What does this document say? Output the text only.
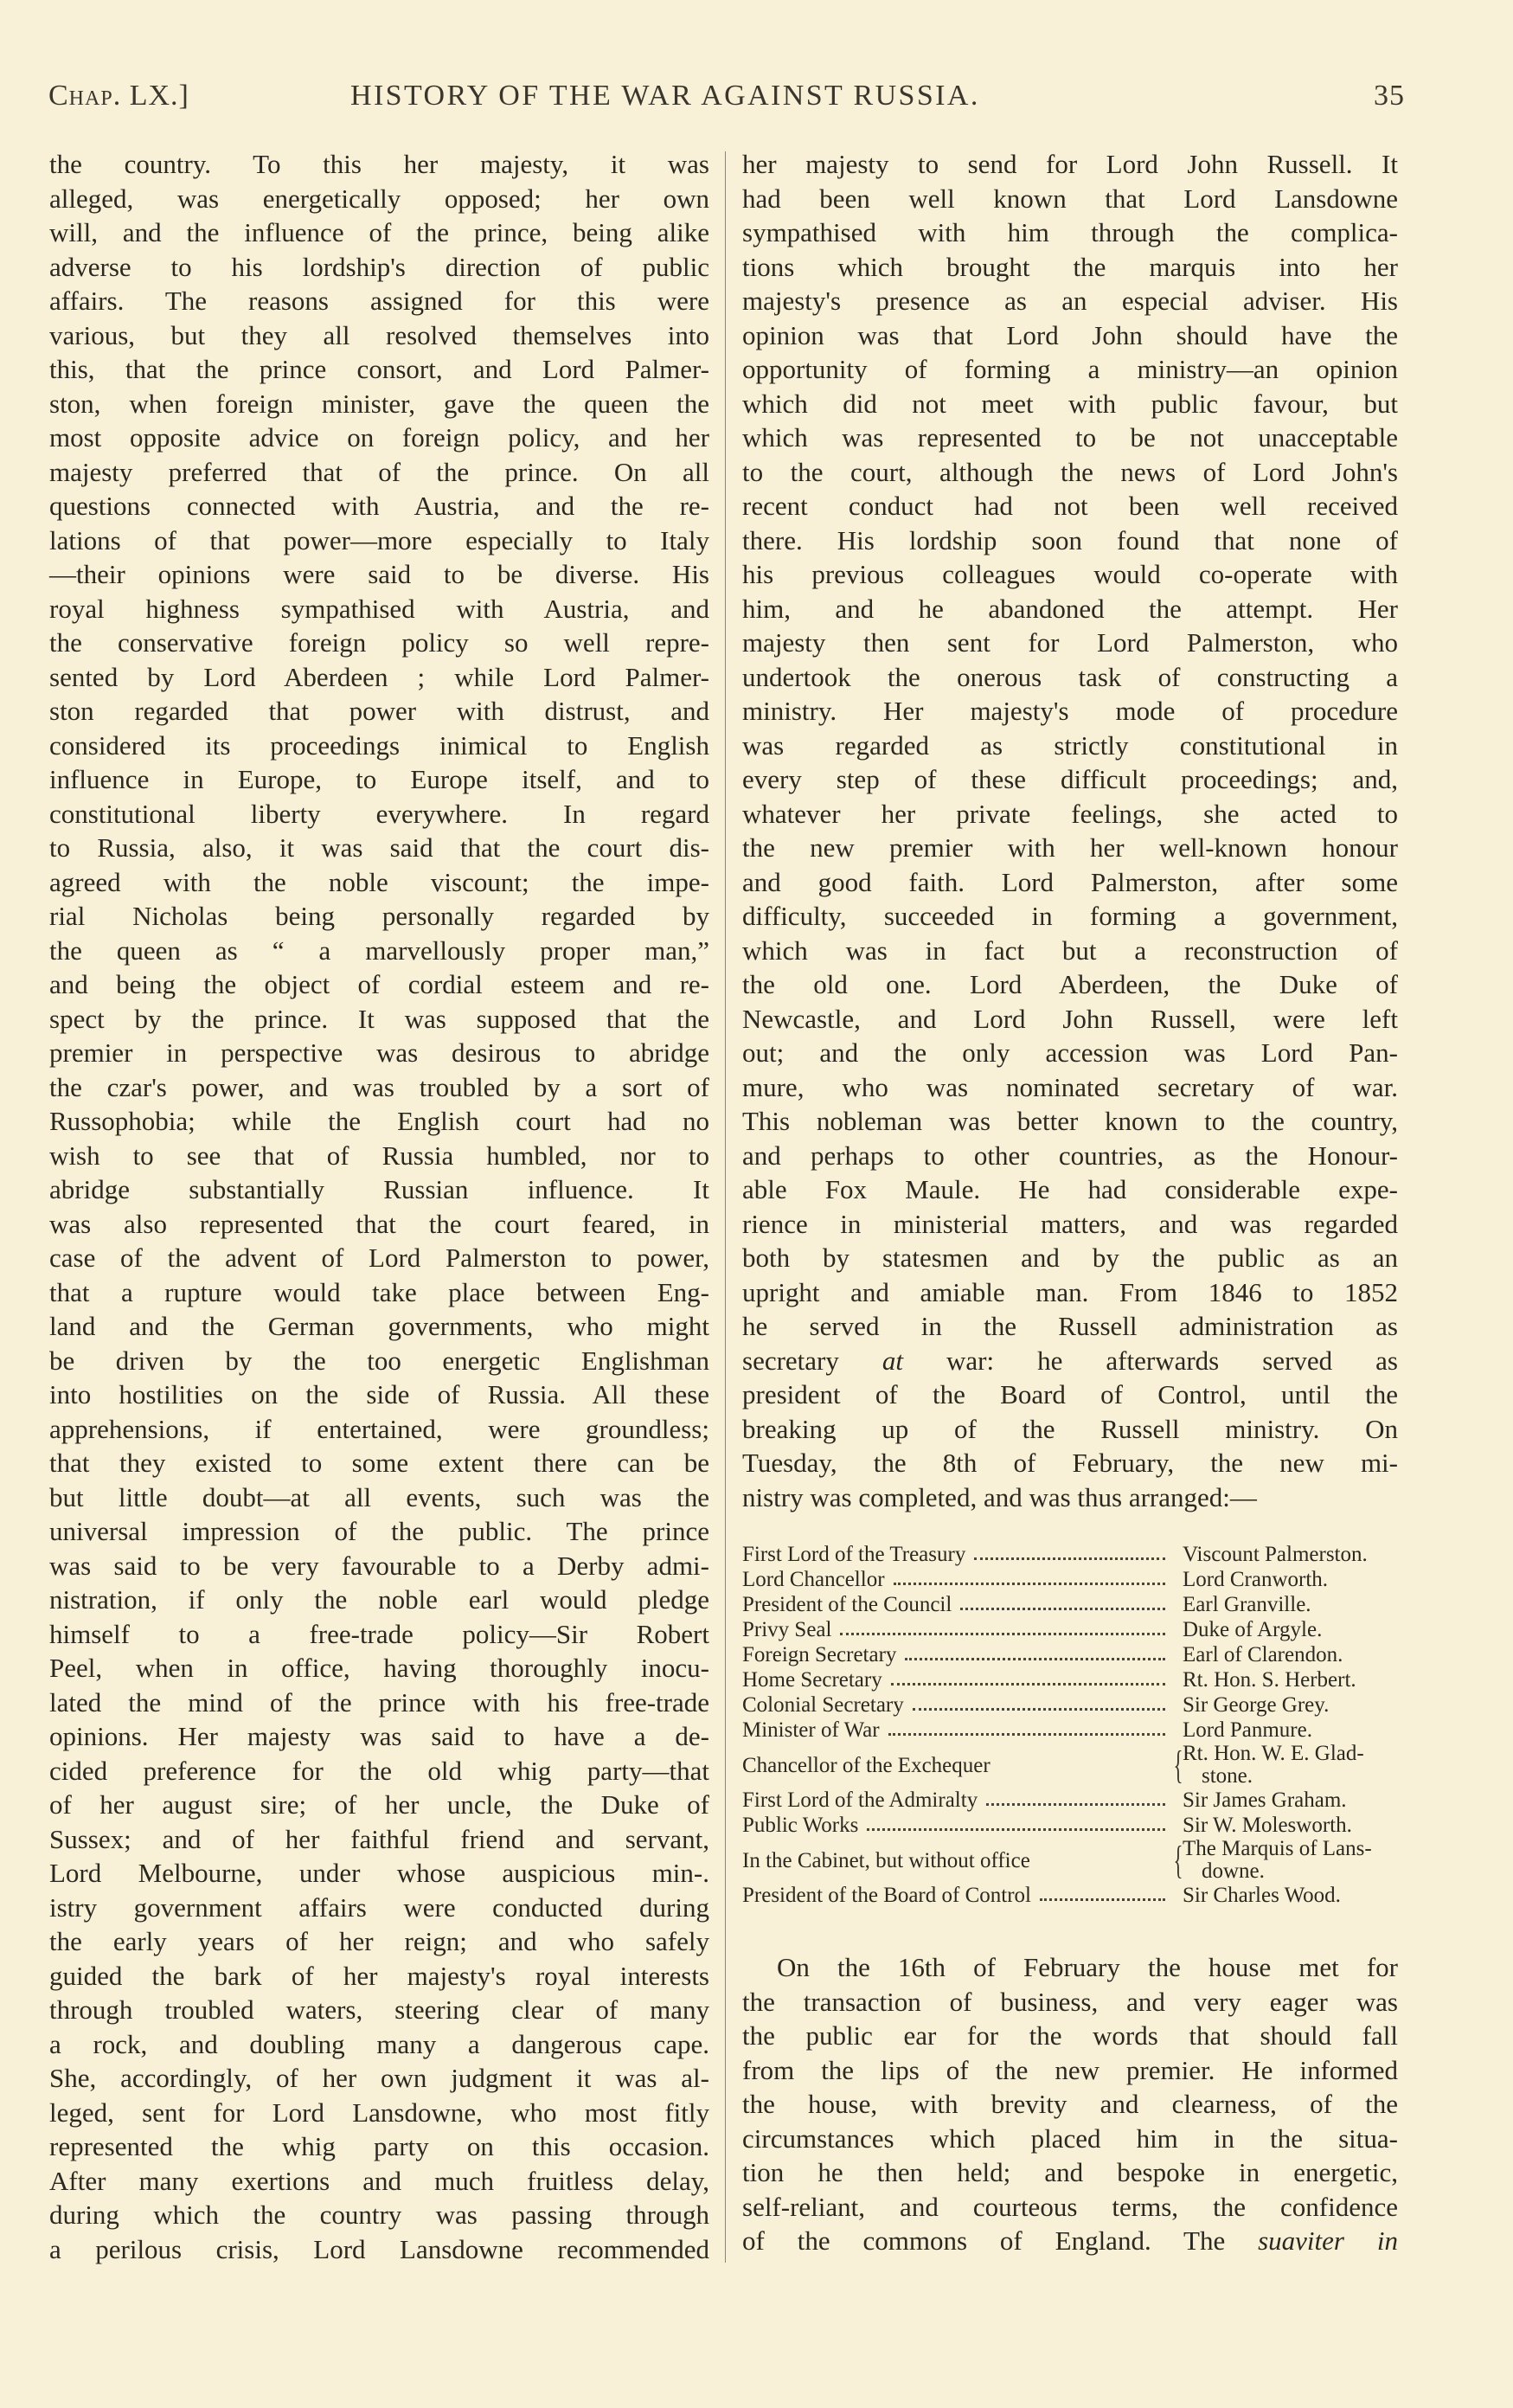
Chap. LX.]	HISTORY OF THE WAR AGAINST RUSSIA.	35
the country. To this her majesty, it was
alleged, was energetically opposed; her own
will, and the influence of the prince, being alike
adverse to his lordship's direction of public
affairs. The reasons assigned for this were
various, but they all resolved themselves into
this, that the prince consort, and Lord Palmer-
ston, when foreign minister, gave the queen the
most opposite advice on foreign policy, and her
majesty preferred that of the prince. On all
questions connected with Austria, and the re-
lations of that power—more especially to Italy
—their opinions were said to be diverse. His
royal highness sympathised with Austria, and
the conservative foreign policy so well repre-
sented by Lord Aberdeen ; while Lord Palmer-
ston regarded that power with distrust, and
considered its proceedings inimical to English
influence in Europe, to Europe itself, and to
constitutional liberty everywhere. In regard
to Russia, also, it was said that the court dis-
agreed with the noble viscount; the impe-
rial Nicholas being personally regarded by
the queen as “ a marvellously proper man,”
and being the object of cordial esteem and re-
spect by the prince. It was supposed that the
premier in perspective was desirous to abridge
the czar's power, and was troubled by a sort of
Russophobia; while the English court had no
wish to see that of Russia humbled, nor to
abridge substantially Russian influence. It
was also represented that the court feared, in
case of the advent of Lord Palmerston to power,
that a rupture would take place between Eng-
land and the German governments, who might
be driven by the too energetic Englishman
into hostilities on the side of Russia. All these
apprehensions, if entertained, were groundless;
that they existed to some extent there can be
but little doubt—at all events, such was the
universal impression of the public. The prince
was said to be very favourable to a Derby admi-
nistration, if only the noble earl would pledge
himself to a free-trade policy—Sir Robert
Peel, when in office, having thoroughly inocu-
lated the mind of the prince with his free-trade
opinions. Her majesty was said to have a de-
cided preference for the old whig party—that
of her august sire; of her uncle, the Duke of
Sussex; and of her faithful friend and servant,
Lord Melbourne, under whose auspicious min-.
istry government affairs were conducted during
the early years of her reign; and who safely
guided the bark of her majesty's royal interests
through troubled waters, steering clear of many
a rock, and doubling many a dangerous cape.
She, accordingly, of her own judgment it was al-
leged, sent for Lord Lansdowne, who most fitly
represented the whig party on this occasion.
After many exertions and much fruitless delay,
during which the country was passing through
a perilous crisis, Lord Lansdowne recommended
her majesty to send for Lord John Russell. It
had been well known that Lord Lansdowne
sympathised with him through the complica-
tions which brought the marquis into her
majesty's presence as an especial adviser. His
opinion was that Lord John should have the
opportunity of forming a ministry—an opinion
which did not meet with public favour, but
which was represented to be not unacceptable
to the court, although the news of Lord John's
recent conduct had not been well received
there. His lordship soon found that none of
his previous colleagues would co-operate with
him, and he abandoned the attempt. Her
majesty then sent for Lord Palmerston, who
undertook the onerous task of constructing a
ministry. Her majesty's mode of procedure
was regarded as strictly constitutional in
every step of these difficult proceedings; and,
whatever her private feelings, she acted to
the new premier with her well-known honour
and good faith. Lord Palmerston, after some
difficulty, succeeded in forming a government,
which was in fact but a reconstruction of
the old one. Lord Aberdeen, the Duke of
Newcastle, and Lord John Russell, were left
out; and the only accession was Lord Pan-
mure, who was nominated secretary of war.
This nobleman was better known to the country,
and perhaps to other countries, as the Honour-
able Fox Maule. He had considerable expe-
rience in ministerial matters, and was regarded
both by statesmen and by the public as an
upright and amiable man. From 1846 to 1852
he served in the Russell administration as
secretary at war: he afterwards served as
president of the Board of Control, until the
breaking up of the Russell ministry. On
Tuesday, the 8th of February, the new mi-
nistry was completed, and was thus arranged:—
First Lord of the Treasury	Viscount Palmerston.
Lord Chancellor	Lord Cranworth.
President of the Council	Earl Granville.
Privy Seal	Duke of Argyle.
Foreign Secretary	Earl of Clarendon.
Home Secretary	Rt. Hon. S. Herbert.
Colonial Secretary	Sir George Grey.
Minister of War	Lord Panmure.
Chancellor of the Exchequer	{ Rt. Hon. W. E. Glad-
stone.
First Lord of the Admiralty	Sir James Graham.
Public Works	Sir W. Molesworth.
In the Cabinet, but without office	{ The Marquis of Lans-
downe.
President of the Board of Control	Sir Charles Wood.
On the 16th of February the house met for
the transaction of business, and very eager was
the public ear for the words that should fall
from the lips of the new premier. He informed
the house, with brevity and clearness, of the
circumstances which placed him in the situa-
tion he then held; and bespoke in energetic,
self-reliant, and courteous terms, the confidence
of the commons of England. The suaviter in
